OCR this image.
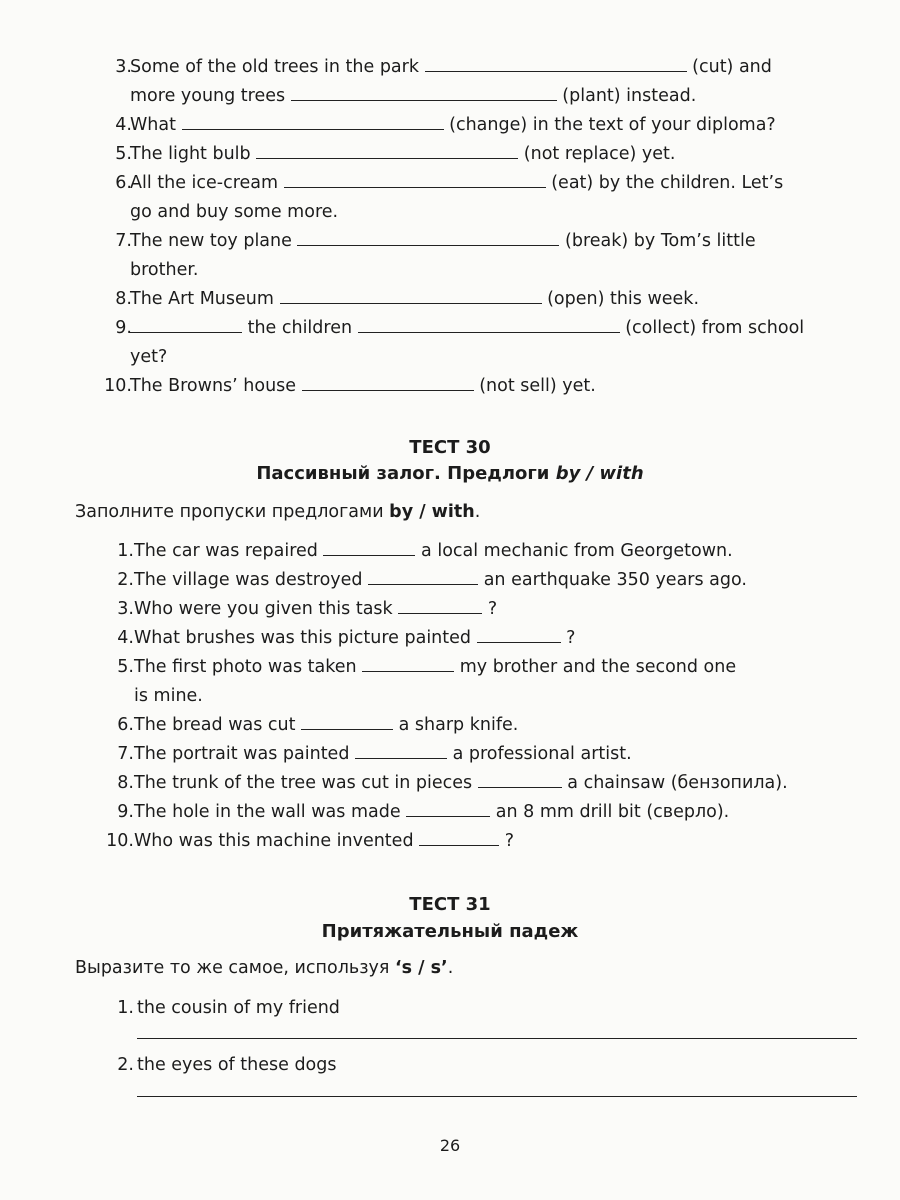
3.
Some of the old trees in the park	(cut) and
more young trees	(plant) instead.
4.
What	(change) in the text of your diploma?
5.
The light bulb	(not replace) yet.
6.
All the ice-cream	(eat) by the children. Let’s
go and buy some more.
7.
The new toy plane	(break) by Tom’s little
brother.
8.
The Art Museum	(open) this week.
9.	the children	(collect) from school
yet?
10.
The Browns’ house	(not sell) yet.
ТЕСТ 30
Пассивный залог. Предлоги by / with
Заполните пропуски предлогами by / with.
1. The car was repaired	a local mechanic from Georgetown.
2. The village was destroyed	an earthquake 350 years ago.
3. Who were you given this task	?
4. What brushes was this picture painted	?
5. The first photo was taken	my brother and the second one
is mine.
6. The bread was cut	a sharp knife.
7. The portrait was painted	a professional artist.
8. The trunk of the tree was cut in pieces	a chainsaw (бензопила).
9. The hole in the wall was made	an 8 mm drill bit (сверло).
10. Who was this machine invented	?
ТЕСТ 31
Притяжательный падеж
Выразите то же самое, используя ‘s / s’.
1. the cousin of my friend
2. the eyes of these dogs
26
